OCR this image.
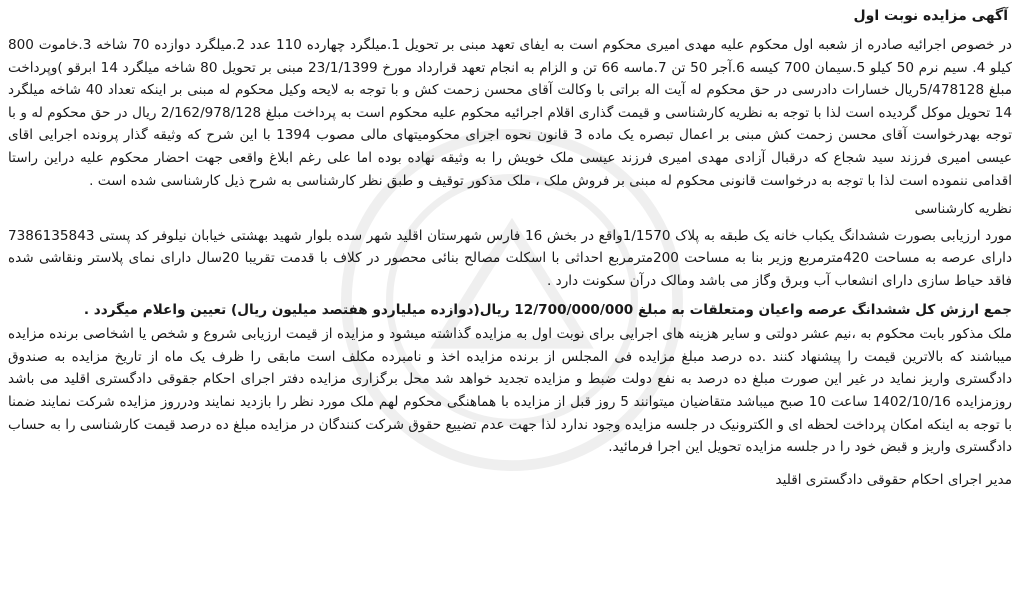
آگهی مزایده نوبت اول

در خصوص اجرائیه صادره از شعبه اول محکوم علیه مهدی امیری محکوم است به ایفای تعهد مبنی بر تحویل 1.میلگرد چهارده 110 عدد 2.میلگرد دوازده 70 شاخه 3.خاموت 800 کیلو 4. سیم نرم 50 کیلو 5.سیمان 700 کیسه 6.آجر 50 تن 7.ماسه 66 تن و الزام به انجام تعهد قرارداد مورخ 23/1/1399 مبنی بر تحویل 80 شاخه میلگرد 14 ابرقو )وپرداخت مبلغ 5/478128ریال خسارات دادرسی در حق محکوم له آیت اله براتی با وکالت آقای محسن زحمت کش و با توجه به لایحه وکیل محکوم له مبنی بر اینکه تعداد 40 شاخه میلگرد 14 تحویل موکل گردیده است لذا با توجه به نظریه کارشناسی و قیمت گذاری اقلام اجرائیه محکوم علیه محکوم است به پرداخت مبلغ 2/162/978/128 ریال در حق محکوم له و با توجه بهدرخواست آقای محسن زحمت کش مبنی بر اعمال تبصره یک ماده 3 قانون نحوه اجرای محکومیتهای مالی مصوب 1394 با این شرح که وثیقه گذار پرونده اجرایی اقای عیسی امیری فرزند سید شجاع که درقبال آزادی مهدی امیری فرزند عیسی ملک خویش را به وثیقه نهاده بوده اما علی رغم ابلاغ واقعی جهت احضار محکوم علیه دراین راستا اقدامی ننموده است لذا با توجه به درخواست قانونی محکوم له مبنی بر فروش ملک ، ملک مذکور توقیف و طبق نظر کارشناسی به شرح ذیل کارشناسی شده است .

نظریه کارشناسی

مورد ارزیابی بصورت ششدانگ یکباب خانه یک طبقه به پلاک 1/1570واقع در بخش 16 فارس شهرستان اقلید شهر سده بلوار شهید بهشتی خیابان نیلوفر کد پستی 7386135843 دارای عرصه به مساحت 420مترمربع وزیر بنا به مساحت 200مترمربع احداثی با اسکلت مصالح بنائی محصور در کلاف با قدمت تقریبا 20سال دارای نمای پلاستر ونقاشی شده فاقد حیاط سازی دارای انشعاب آب وبرق وگاز می باشد ومالک درآن سکونت دارد .

جمع ارزش کل ششدانگ عرصه واعیان ومتعلقات به مبلغ 12/700/000/000 ریال(دوازده میلیاردو هفتصد میلیون ریال) تعیین واعلام میگردد .

ملک مذکور بابت محکوم به ،نیم عشر دولتی و سایر هزینه های اجرایی برای نوبت اول به مزایده گذاشته میشود و مزایده از قیمت ارزیابی شروع و شخص یا اشخاصی برنده مزایده میباشند که بالاترین قیمت را پیشنهاد کنند .ده درصد مبلغ مزایده فی المجلس از برنده مزایده اخذ و نامبرده مکلف است مابقی را ظرف یک ماه از تاریخ مزایده به صندوق دادگستری واریز نماید در غیر این صورت مبلغ ده درصد به نفع دولت ضبط و مزایده تجدید خواهد شد محل برگزاری مزایده دفتر اجرای احکام جقوقی دادگستری اقلید می باشد روزمزایده 1402/10/16 ساعت 10 صبح میباشد متقاضیان میتوانند 5 روز قبل از مزایده با هماهنگی محکوم لهم ملک مورد نظر را بازدید نمایند ودرروز مزایده شرکت نمایند ضمنا با توجه به اینکه امکان پرداخت لحظه ای و الکترونیک در جلسه مزایده وجود ندارد لذا جهت عدم تضییع حقوق شرکت کنندگان در مزایده مبلغ ده درصد قیمت کارشناسی را به حساب دادگستری واریز و قبض خود را در جلسه مزایده تحویل این اجرا فرمائید.

مدیر اجرای احکام حقوقی دادگستری اقلید
